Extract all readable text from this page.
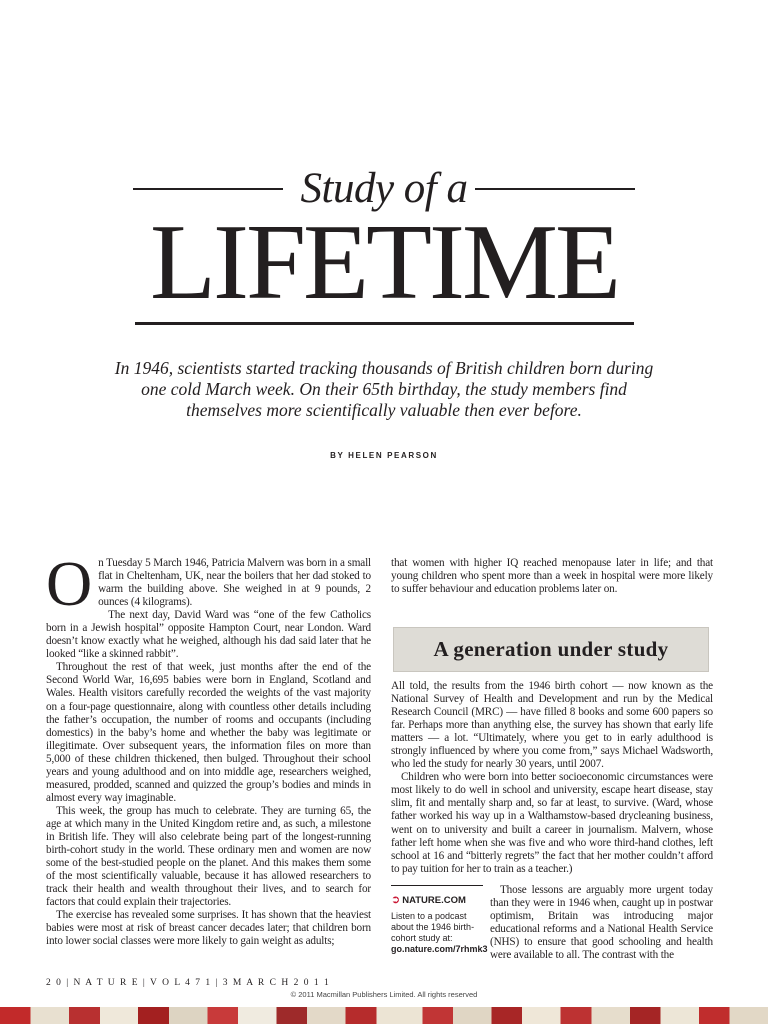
Study of a
LIFETIME
In 1946, scientists started tracking thousands of British children born during one cold March week. On their 65th birthday, the study members find themselves more scientifically valuable then ever before.
BY HELEN PEARSON

On Tuesday 5 March 1946, Patricia Malvern was born in a small flat in Cheltenham, UK, near the boilers that her dad stoked to warm the building above. She weighed in at 9 pounds, 2 ounces (4 kilograms).

The next day, David Ward was “one of the few Catholics born in a Jewish hospital” opposite Hampton Court, near London. Ward doesn’t know exactly what he weighed, although his dad said later that he looked “like a skinned rabbit”.

Throughout the rest of that week, just months after the end of the Second World War, 16,695 babies were born in England, Scotland and Wales. Health visitors carefully recorded the weights of the vast majority on a four-page questionnaire, along with countless other details including the father’s occupation, the number of rooms and occupants (including domestics) in the baby’s home and whether the baby was legitimate or illegitimate. Over subsequent years, the information files on more than 5,000 of these children thickened, then bulged. Throughout their school years and young adulthood and on into middle age, researchers weighed, measured, prodded, scanned and quizzed the group’s bodies and minds in almost every way imaginable.

This week, the group has much to celebrate. They are turning 65, the age at which many in the United Kingdom retire and, as such, a milestone in British life. They will also celebrate being part of the longest-running birth-cohort study in the world. These ordinary men and women are now some of the best-studied people on the planet. And this makes them some of the most scientifically valuable, because it has allowed researchers to track their health and wealth throughout their lives, and to search for factors that could explain their trajectories.

The exercise has revealed some surprises. It has shown that the heaviest babies were most at risk of breast cancer decades later; that children born into lower social classes were more likely to gain weight as adults;

that women with higher IQ reached menopause later in life; and that young children who spent more than a week in hospital were more likely to suffer behaviour and education problems later on.

A generation under study

All told, the results from the 1946 birth cohort — now known as the National Survey of Health and Development and run by the Medical Research Council (MRC) — have filled 8 books and some 600 papers so far. Perhaps more than anything else, the survey has shown that early life matters — a lot. “Ultimately, where you get to in early adulthood is strongly influenced by where you come from,” says Michael Wadsworth, who led the study for nearly 30 years, until 2007.

Children who were born into better socioeconomic circumstances were most likely to do well in school and university, escape heart disease, stay slim, fit and mentally sharp and, so far at least, to survive. (Ward, whose father worked his way up in a Walthamstow-based drycleaning business, went on to university and built a career in journalism. Malvern, whose father left home when she was five and who wore third-hand clothes, left school at 16 and “bitterly regrets” the fact that her mother couldn’t afford to pay tuition for her to train as a teacher.)

➲ NATURE.COM
Listen to a podcast about the 1946 birth-cohort study at:
go.nature.com/7rhmk3

Those lessons are arguably more urgent today than they were in 1946 when, caught up in postwar optimism, Britain was introducing major educational reforms and a National Health Service (NHS) to ensure that good schooling and health were available to all. The contrast with the

2 0 | N A T U R E | V O L 4 7 1 | 3 M A R C H 2 0 1 1
© 2011 Macmillan Publishers Limited. All rights reserved
